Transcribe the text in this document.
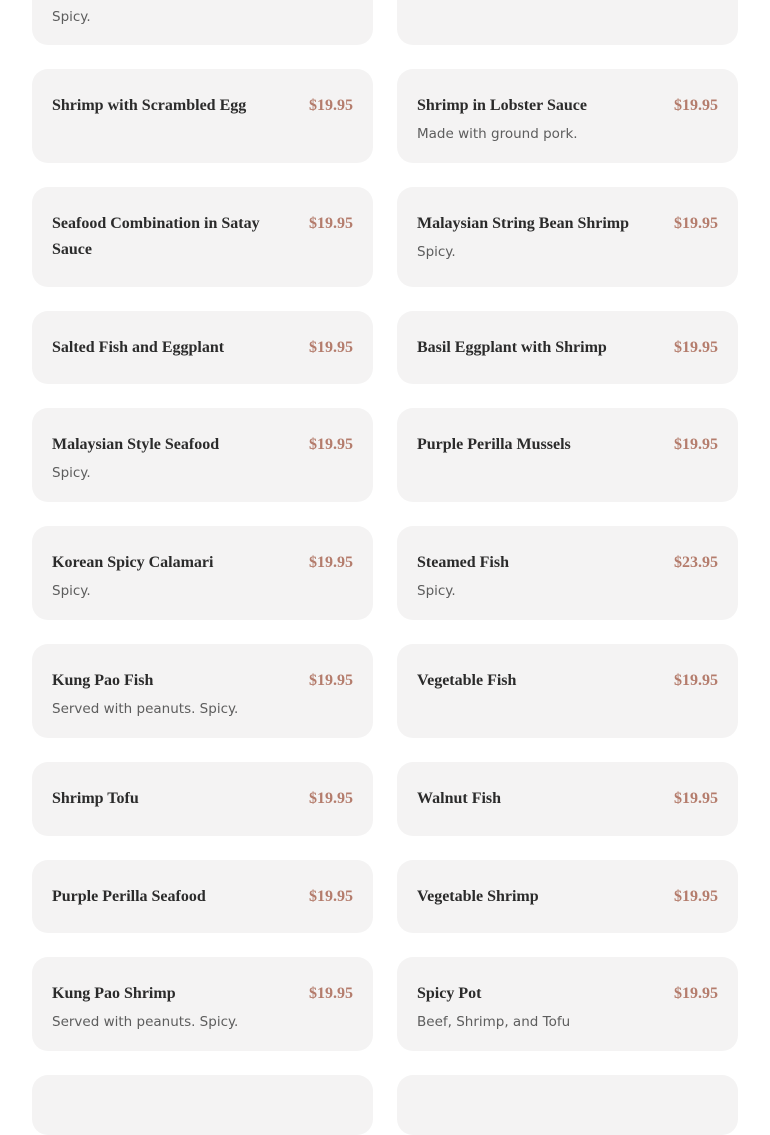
Spicy.
Shrimp with Scrambled Egg	$19.95	Shrimp in Lobster Sauce	$19.95
Made with ground pork.
Seafood Combination in Satay Sauce
$19.95	Malaysian String Bean Shrimp	$19.95
Spicy.
Salted Fish and Eggplant	$19.95	Basil Eggplant with Shrimp	$19.95
Malaysian Style Seafood	$19.95
Spicy.
Purple Perilla Mussels	$19.95
Korean Spicy Calamari	$19.95
Spicy.
Steamed Fish	$23.95
Spicy.
Kung Pao Fish	$19.95
Served with peanuts. Spicy.
Vegetable Fish	$19.95
Shrimp Tofu	$19.95	Walnut Fish	$19.95
Purple Perilla Seafood	$19.95	Vegetable Shrimp	$19.95
Kung Pao Shrimp	$19.95
Served with peanuts. Spicy.
Spicy Pot	$19.95
Beef, Shrimp, and Tofu
